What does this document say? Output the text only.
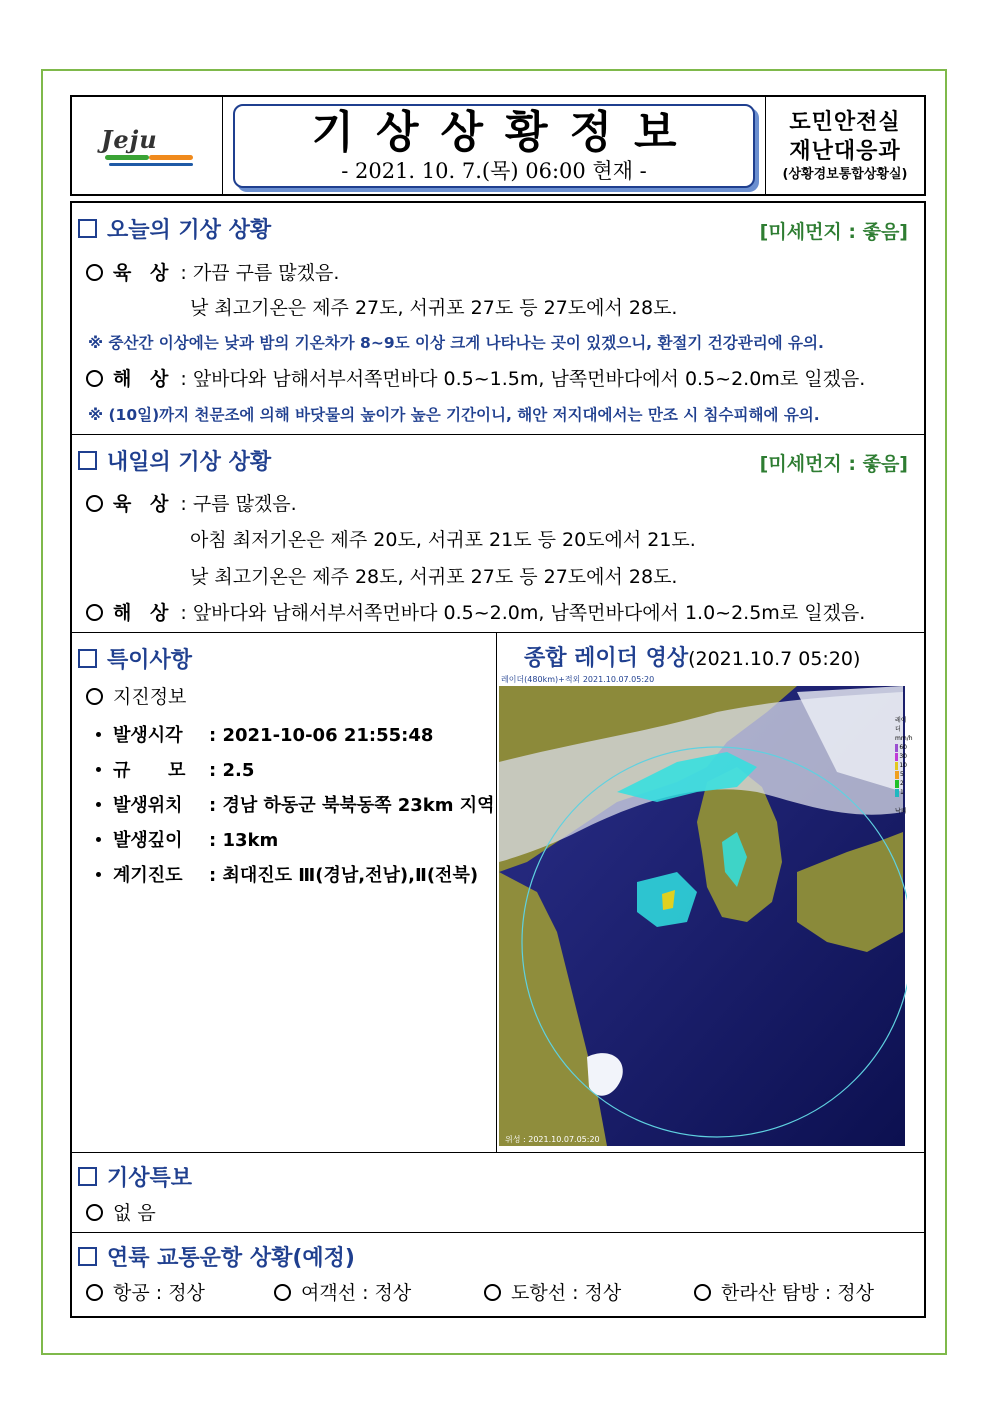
Jeju	기상상황정보
- 2021. 10. 7.(목) 06:00 현재 -
도민안전실
재난대응과
(상황경보통합상황실)
오늘의 기상 상황	[미세먼지 : 좋음]
육 상 : 가끔 구름 많겠음.
낮 최고기온은 제주 27도, 서귀포 27도 등 27도에서 28도.
※ 중산간 이상에는 낮과 밤의 기온차가 8~9도 이상 크게 나타나는 곳이 있겠으니, 환절기 건강관리에 유의.
해 상 : 앞바다와 남해서부서쪽먼바다 0.5~1.5m, 남쪽먼바다에서 0.5~2.0m로 일겠음.
※ (10일)까지 천문조에 의해 바닷물의 높이가 높은 기간이니, 해안 저지대에서는 만조 시 침수피해에 유의.
내일의 기상 상황	[미세먼지 : 좋음]
육 상 : 구름 많겠음.
아침 최저기온은 제주 20도, 서귀포 21도 등 20도에서 21도.
낮 최고기온은 제주 28도, 서귀포 27도 등 27도에서 28도.
해 상 : 앞바다와 남해서부서쪽먼바다 0.5~2.0m, 남쪽먼바다에서 1.0~2.5m로 일겠음.
특이사항
지진정보
발생시각 : 2021-10-06 21:55:48
규      모 : 2.5
발생위치 : 경남 하동군 북북동쪽 23km 지역
발생깊이 : 13km
계기진도 : 최대진도 Ⅲ(경남,전남),Ⅱ(전북)
종합 레이더 영상(2021.10.7 05:20)
레이더(480km)+적외 2021.10.07.05:20
위성 : 2021.10.07.05:20
레이더
mm/h
60
30
10
5
2
1
낙뢰
기상특보
없 음
연륙 교통운항 상황(예정)
항공 : 정상	여객선 : 정상	도항선 : 정상	한라산 탐방 : 정상
